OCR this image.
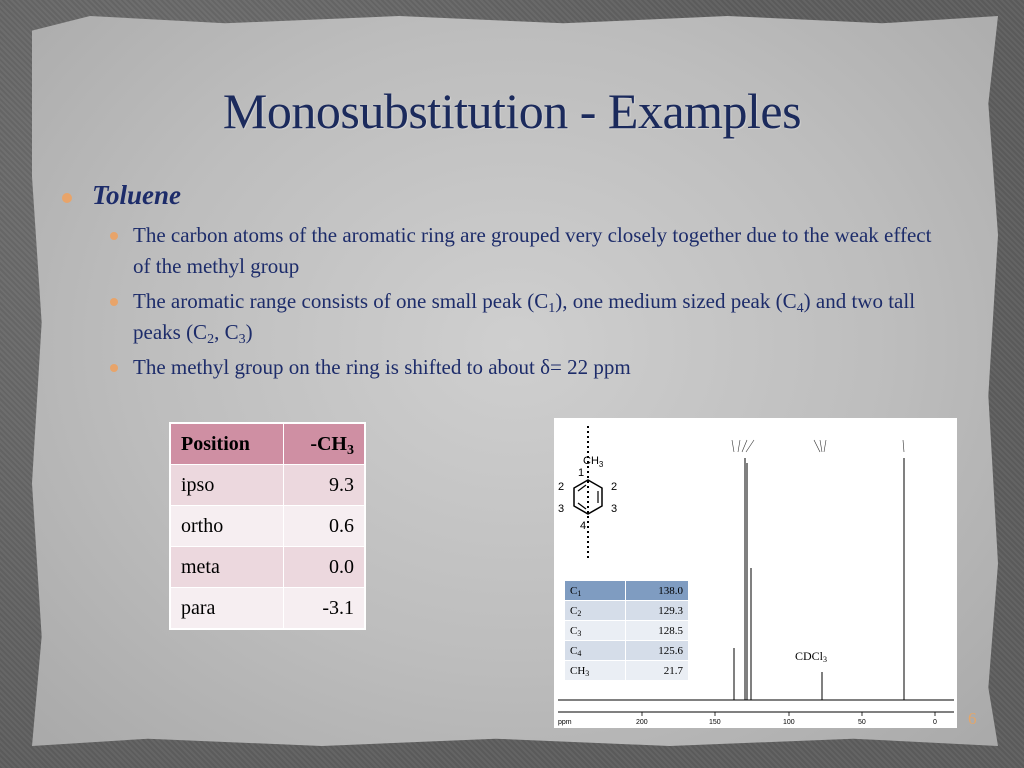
Monosubstitution - Examples
Toluene
The carbon atoms of the aromatic ring are grouped very closely together due to the weak effect of the methyl group
The aromatic range consists of one small peak $(C_1)$, one medium sized peak $(C_4)$ and two tall peaks ($C_2$, $C_3$)
The methyl group on the ring is shifted to about δ= 22 ppm
Position	$-CH_3$
ipso	9.3
ortho	0.6
meta	0.0
para	-3.1
$CH_3$
1
2	2
3	3
4
ppm	200	150	100	50	0
$C_1$	138.0
$C_2$	129.3
$C_3$	128.5
$C_4$	125.6
$CH_3$	21.7
CDCl$_3$
6
